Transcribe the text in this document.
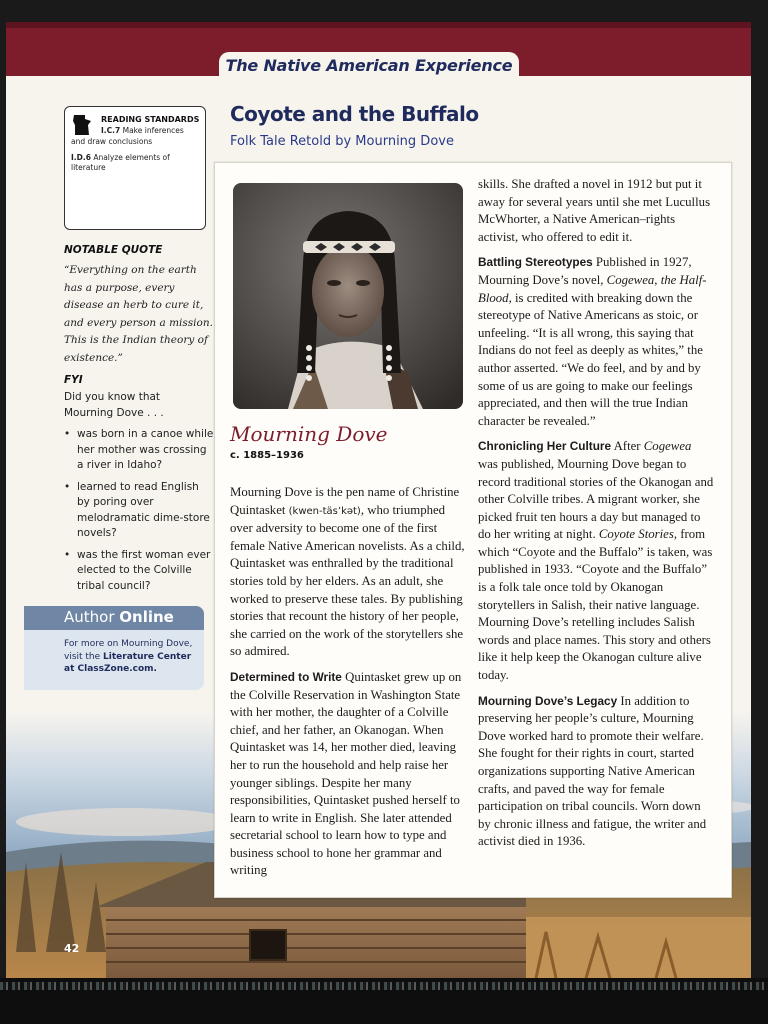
The Native American Experience
Coyote and the Buffalo
Folk Tale Retold by Mourning Dove
READING STANDARDS
I.C.7 Make inferences
and draw conclusions
I.D.6 Analyze elements of literature
NOTABLE QUOTE
“Everything on the earth has a purpose, every disease an herb to cure it, and every person a mission. This is the Indian theory of existence.”
FYI
Did you know that Mourning Dove . . .
• was born in a canoe while her mother was crossing a river in Idaho?
• learned to read English by poring over melodramatic dime-store novels?
• was the first woman ever elected to the Colville tribal council?
Author Online
For more on Mourning Dove, visit the Literature Center at ClassZone.com.
42
Mourning Dove
c. 1885–1936

Mourning Dove is the pen name of Christine Quintasket (kwen-täs’kət), who triumphed over adversity to become one of the first female Native American novelists. As a child, Quintasket was enthralled by the traditional stories told by her elders. As an adult, she worked to preserve these tales. By publishing stories that recount the history of her people, she carried on the work of the storytellers she so admired.

Determined to Write Quintasket grew up on the Colville Reservation in Washington State with her mother, the daughter of a Colville chief, and her father, an Okanogan. When Quintasket was 14, her mother died, leaving her to run the household and help raise her younger siblings. Despite her many responsibilities, Quintasket pushed herself to learn to write in English. She later attended secretarial school to learn how to type and business school to hone her grammar and writing

skills. She drafted a novel in 1912 but put it away for several years until she met Lucullus McWhorter, a Native American–rights activist, who offered to edit it.

Battling Stereotypes Published in 1927, Mourning Dove’s novel, Cogewea, the Half-Blood, is credited with breaking down the stereotype of Native Americans as stoic, or unfeeling. “It is all wrong, this saying that Indians do not feel as deeply as whites,” the author asserted. “We do feel, and by and by some of us are going to make our feelings appreciated, and then will the true Indian character be revealed.”

Chronicling Her Culture After Cogewea was published, Mourning Dove began to record traditional stories of the Okanogan and other Colville tribes. A migrant worker, she picked fruit ten hours a day but managed to do her writing at night. Coyote Stories, from which “Coyote and the Buffalo” is taken, was published in 1933. “Coyote and the Buffalo” is a folk tale once told by Okanogan storytellers in Salish, their native language. Mourning Dove’s retelling includes Salish words and place names. This story and others like it help keep the Okanogan culture alive today.

Mourning Dove’s Legacy In addition to preserving her people’s culture, Mourning Dove worked hard to promote their welfare. She fought for their rights in court, started organizations supporting Native American crafts, and paved the way for female participation on tribal councils. Worn down by chronic illness and fatigue, the writer and activist died in 1936.
